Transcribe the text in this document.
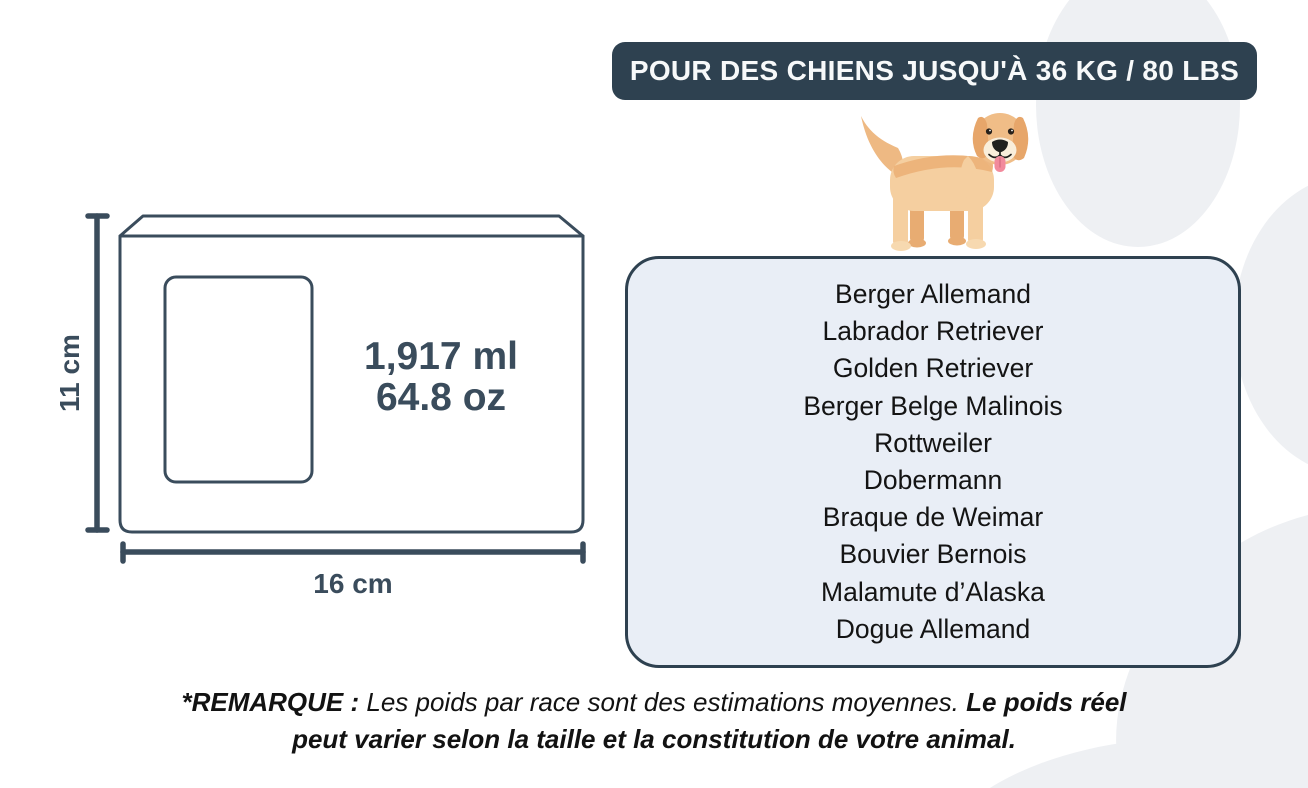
POUR DES CHIENS JUSQU'À 36 KG / 80 LBS
1,917 ml
64.8 oz
11 cm
16 cm
Berger Allemand
Labrador Retriever
Golden Retriever
Berger Belge Malinois
Rottweiler
Dobermann
Braque de Weimar
Bouvier Bernois
Malamute d’Alaska
Dogue Allemand
*REMARQUE : Les poids par race sont des estimations moyennes. Le poids réel peut varier selon la taille et la constitution de votre animal.
